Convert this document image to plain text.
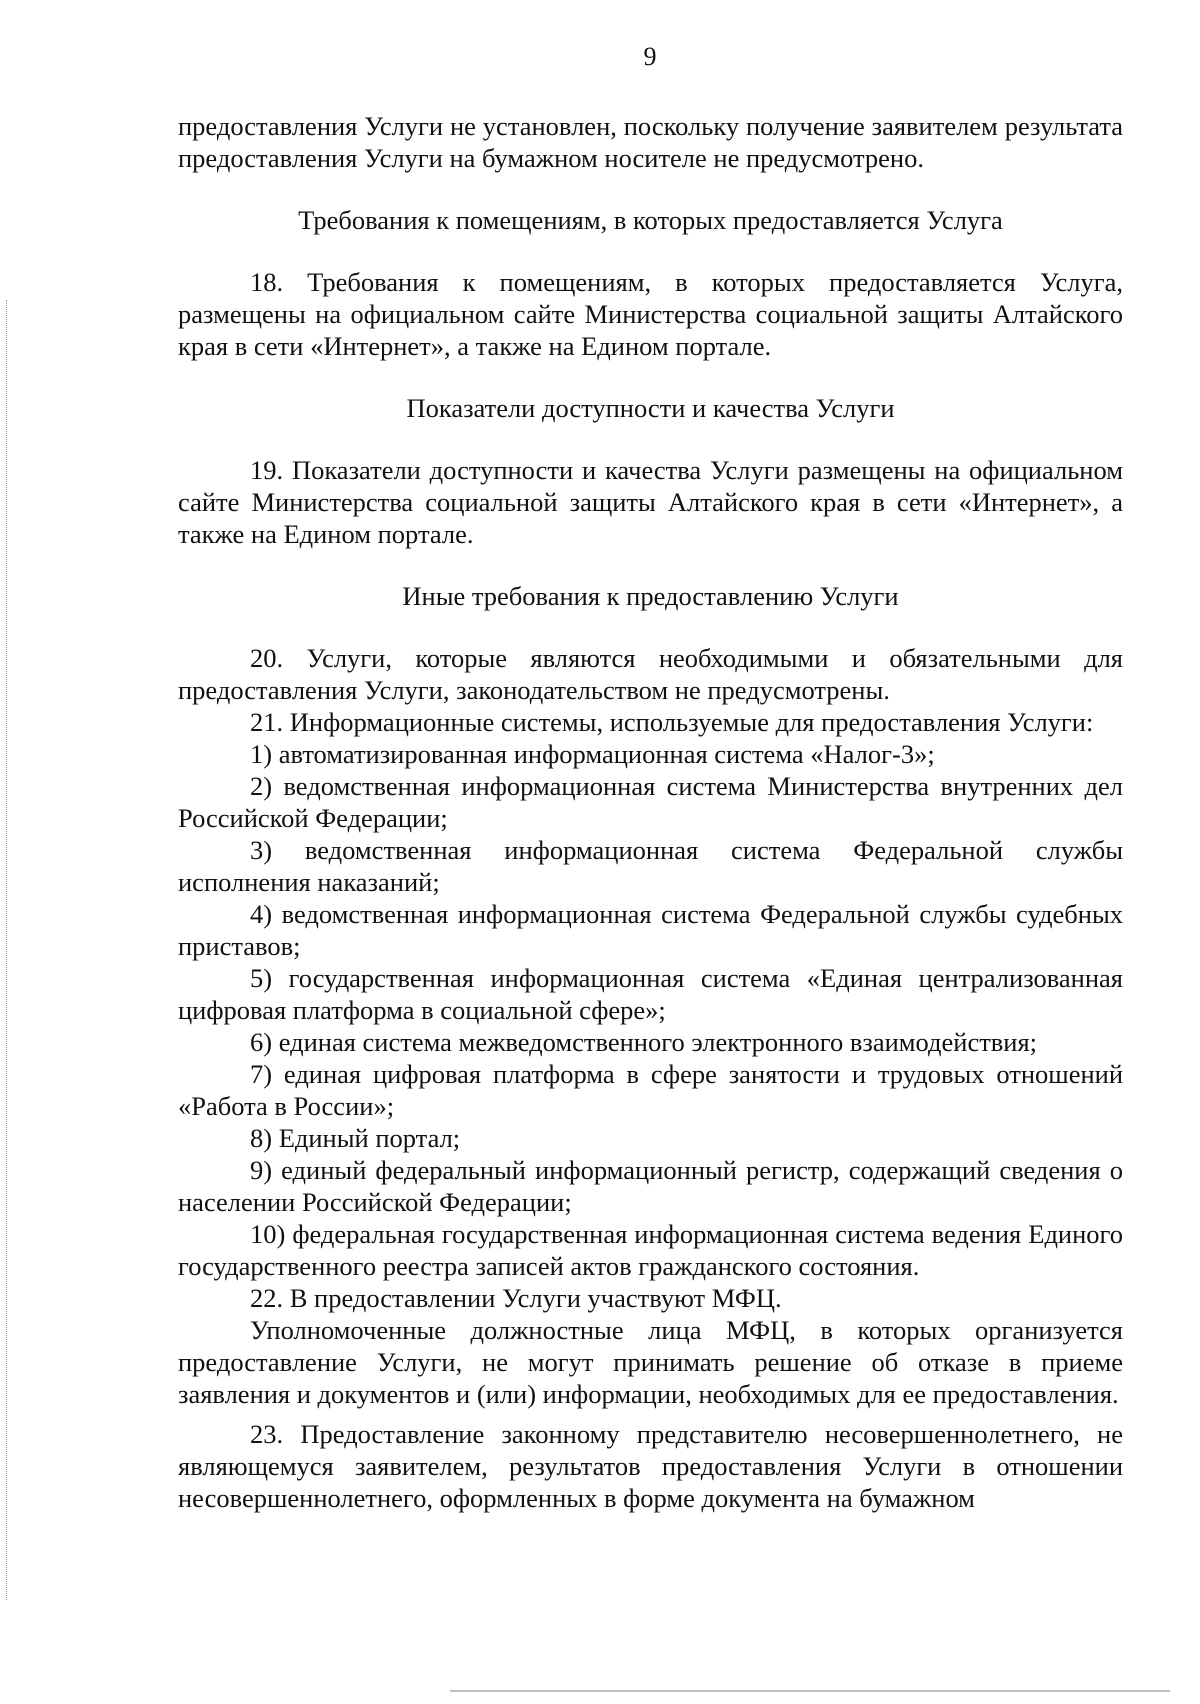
9

предоставления Услуги не установлен, поскольку получение заявителем результата предоставления Услуги на бумажном носителе не предусмотрено.

Требования к помещениям, в которых предоставляется Услуга

18. Требования к помещениям, в которых предоставляется Услуга, размещены на официальном сайте Министерства социальной защиты Алтайского края в сети «Интернет», а также на Едином портале.

Показатели доступности и качества Услуги

19. Показатели доступности и качества Услуги размещены на официальном сайте Министерства социальной защиты Алтайского края в сети «Интернет», а также на Едином портале.

Иные требования к предоставлению Услуги

20. Услуги, которые являются необходимыми и обязательными для предоставления Услуги, законодательством не предусмотрены.

21. Информационные системы, используемые для предоставления Услуги:

1) автоматизированная информационная система «Налог-3»;

2) ведомственная информационная система Министерства внутренних дел Российской Федерации;

3) ведомственная информационная система Федеральной службы исполнения наказаний;

4) ведомственная информационная система Федеральной службы судебных приставов;

5) государственная информационная система «Единая централизованная цифровая платформа в социальной сфере»;

6) единая система межведомственного электронного взаимодействия;

7) единая цифровая платформа в сфере занятости и трудовых отношений «Работа в России»;

8) Единый портал;

9) единый федеральный информационный регистр, содержащий сведения о населении Российской Федерации;

10) федеральная государственная информационная система ведения Единого государственного реестра записей актов гражданского состояния.

22. В предоставлении Услуги участвуют МФЦ.

Уполномоченные должностные лица МФЦ, в которых организуется предоставление Услуги, не могут принимать решение об отказе в приеме заявления и документов и (или) информации, необходимых для ее предоставления.

23. Предоставление законному представителю несовершеннолетнего, не являющемуся заявителем, результатов предоставления Услуги в отношении несовершеннолетнего, оформленных в форме документа на бумажном
